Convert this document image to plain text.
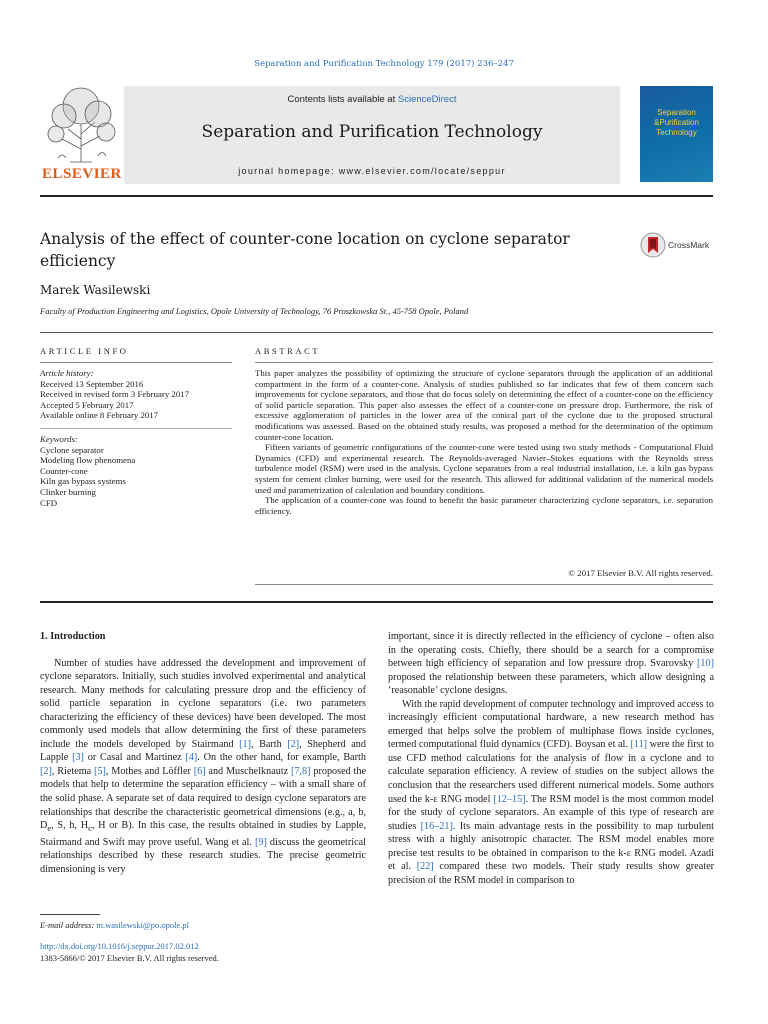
Separation and Purification Technology 179 (2017) 236–247
ELSEVIER
Contents lists available at ScienceDirect
Separation and Purification Technology
journal homepage: www.elsevier.com/locate/seppur
Separation
&Purification
Technology
Analysis of the effect of counter-cone location on cyclone separator efficiency
CrossMark
Marek Wasilewski
Faculty of Production Engineering and Logistics, Opole University of Technology, 76 Proszkowska St., 45-758 Opole, Poland
ARTICLE INFO
Article history:
Received 13 September 2016
Received in revised form 3 February 2017
Accepted 5 February 2017
Available online 8 February 2017
Keywords:
Cyclone separator
Modeling flow phenomena
Counter-cone
Kiln gas bypass systems
Clinker burning
CFD
ABSTRACT

This paper analyzes the possibility of optimizing the structure of cyclone separators through the application of an additional compartment in the form of a counter-cone. Analysis of studies published so far indicates that few of them concern such improvements for cyclone separators, and those that do focus solely on determining the effect of a counter-cone on the efficiency of solid particle separation. This paper also assesses the effect of a counter-cone on pressure drop. Furthermore, the risk of excessive agglomeration of particles in the lower area of the conical part of the cyclone due to the proposed structural modifications was assessed. Based on the obtained study results, was proposed a method for the determination of the optimum counter-cone location.

Fifteen variants of geometric configurations of the counter-cone were tested using two study methods - Computational Fluid Dynamics (CFD) and experimental research. The Reynolds-averaged Navier–Stokes equations with the Reynolds stress turbulence model (RSM) were used in the analysis. Cyclone separators from a real industrial installation, i.e. a kiln gas bypass system for cement clinker burning, were used for the research. This allowed for additional validation of the numerical models used and parametrization of calculation and boundary conditions.

The application of a counter-cone was found to benefit the basic parameter characterizing cyclone separators, i.e. separation efficiency.

© 2017 Elsevier B.V. All rights reserved.
1. Introduction

Number of studies have addressed the development and improvement of cyclone separators. Initially, such studies involved experimental and analytical research. Many methods for calculating pressure drop and the efficiency of solid particle separation in cyclone separators (i.e. two parameters characterizing the efficiency of these devices) have been developed. The most commonly used models that allow determining the first of these parameters include the models developed by Stairmand [1], Barth [2], Shepherd and Lapple [3] or Casal and Martinez [4]. On the other hand, for example, Barth [2], Rietema [5], Mothes and Löffler [6] and Muschelknautz [7,8] proposed the models that help to determine the separation efficiency – with a small share of the solid phase. A separate set of data required to design cyclone separators are relationships that describe the characteristic geometrical dimensions (e.g., a, b, $D_e$, S, h, $H_c$, H or B). In this case, the results obtained in studies by Lapple, Stairmand and Swift may prove useful. Wang et al. [9] discuss the geometrical relationships described by these research studies. The precise geometric dimensioning is very

important, since it is directly reflected in the efficiency of cyclone – often also in the operating costs. Chiefly, there should be a search for a compromise between high efficiency of separation and low pressure drop. Svarovsky [10] proposed the relationship between these parameters, which allow designing a ‘reasonable’ cyclone designs.

With the rapid development of computer technology and improved access to increasingly efficient computational hardware, a new research method has emerged that helps solve the problem of multiphase flows inside cyclones, termed computational fluid dynamics (CFD). Boysan et al. [11] were the first to use CFD method calculations for the analysis of flow in a cyclone and to calculate separation efficiency. A review of studies on the subject allows the conclusion that the researchers used different numerical models. Some authors used the k-ε RNG model [12–15]. The RSM model is the most common model for the study of cyclone separators. An example of this type of research are studies [16–21]. Its main advantage rests in the possibility to map turbulent stress with a highly anisotropic character. The RSM model enables more precise test results to be obtained in comparison to the k-ε RNG model. Azadi et al. [22] compared these two models. Their study results show greater precision of the RSM model in comparison to

E-mail address: m.wasilewski@po.opole.pl
http://dx.doi.org/10.1016/j.seppur.2017.02.012
1383-5866/© 2017 Elsevier B.V. All rights reserved.
